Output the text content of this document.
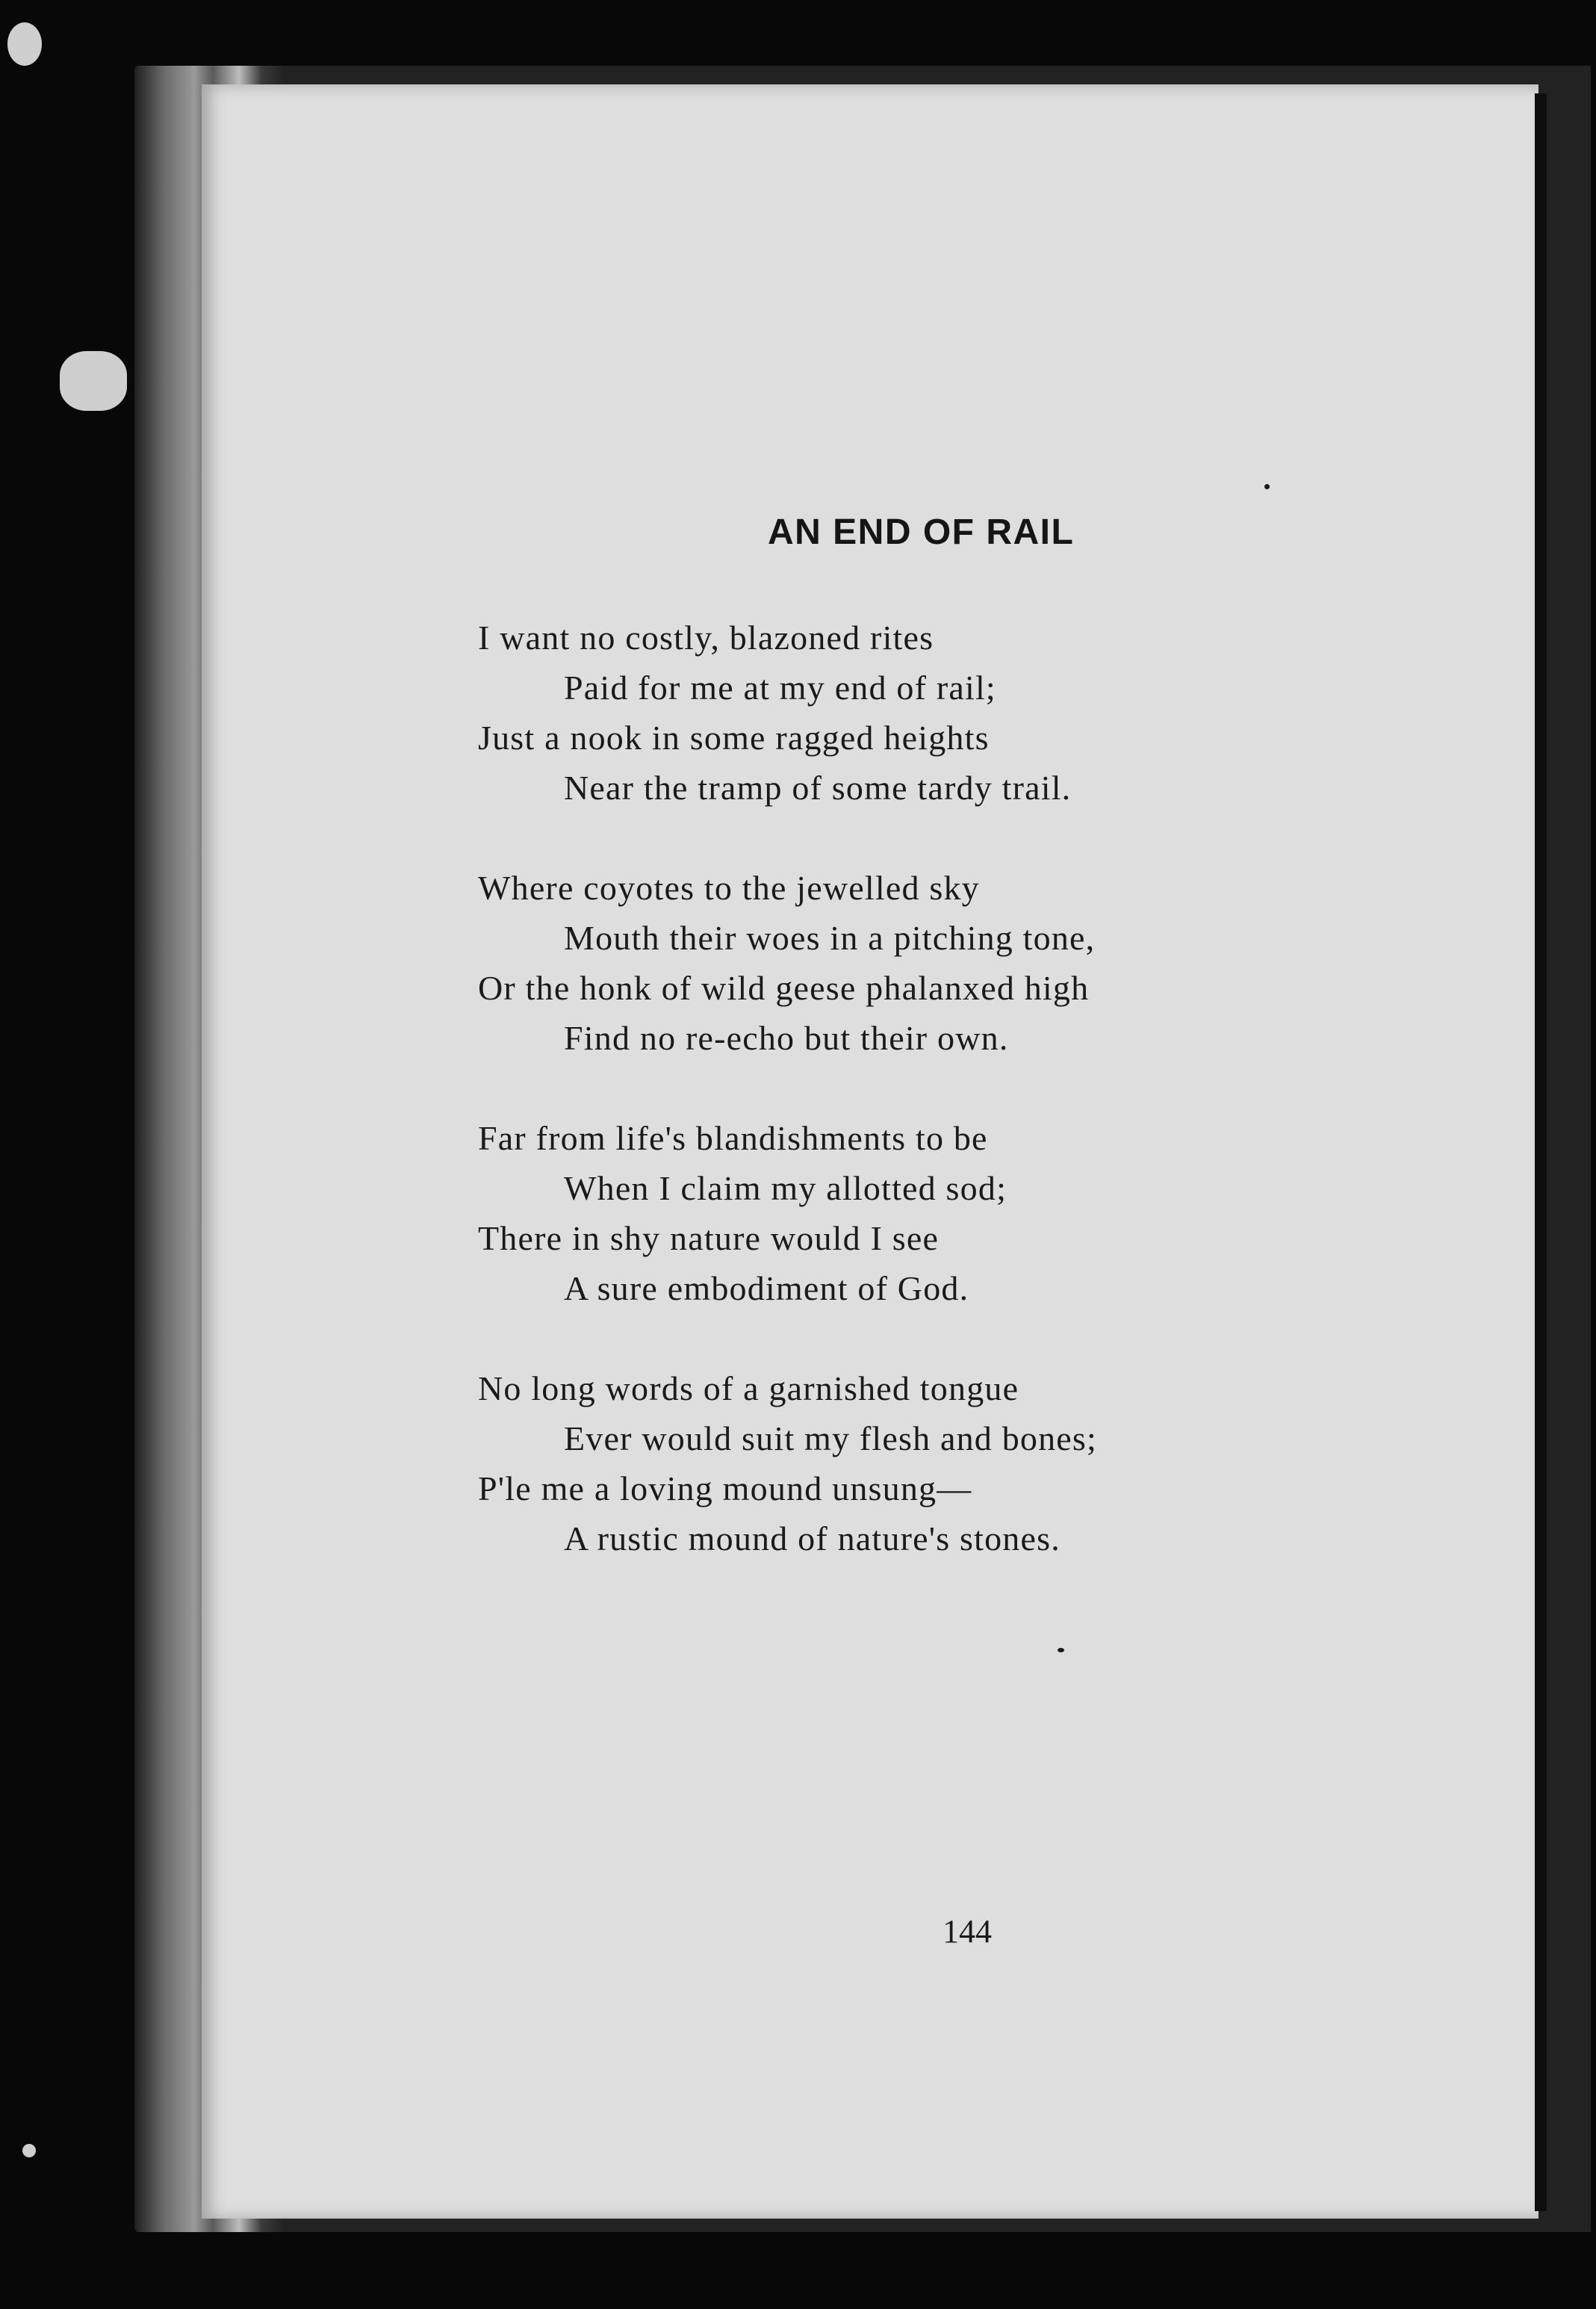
AN END OF RAIL
I want no costly, blazoned rites
Paid for me at my end of rail;
Just a nook in some ragged heights
Near the tramp of some tardy trail.
Where coyotes to the jewelled sky
Mouth their woes in a pitching tone,
Or the honk of wild geese phalanxed high
Find no re-echo but their own.
Far from life's blandishments to be
When I claim my allotted sod;
There in shy nature would I see
A sure embodiment of God.
No long words of a garnished tongue
Ever would suit my flesh and bones;
P'le me a loving mound unsung—
A rustic mound of nature's stones.
144
